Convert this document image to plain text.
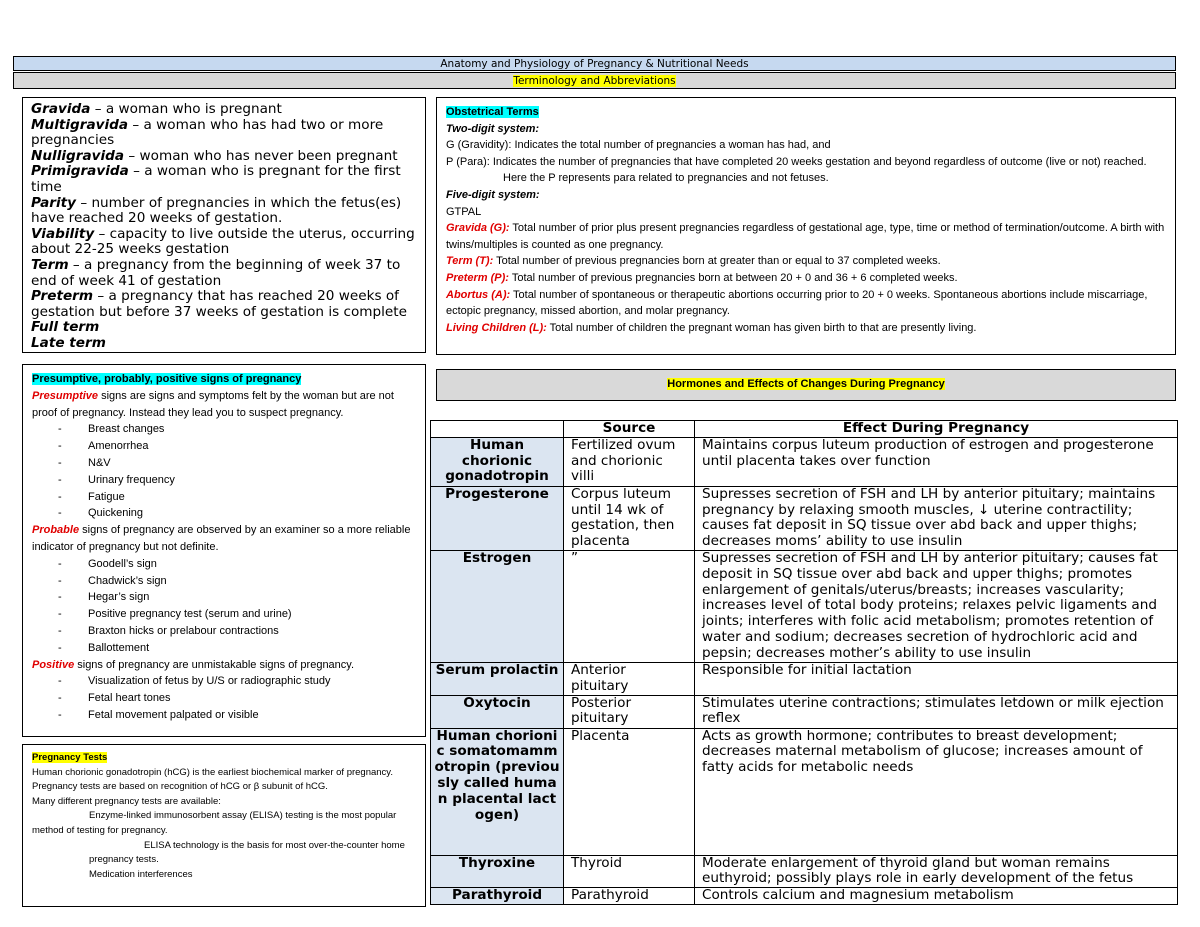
Anatomy and Physiology of Pregnancy & Nutritional Needs
Terminology and Abbreviations

Gravida – a woman who is pregnant

Multigravida – a woman who has had two or more pregnancies

Nulligravida – woman who has never been pregnant

Primigravida – a woman who is pregnant for the first time

Parity – number of pregnancies in which the fetus(es) have reached 20 weeks of gestation.

Viability – capacity to live outside the uterus, occurring about 22-25 weeks gestation

Term – a pregnancy from the beginning of week 37 to end of week 41 of gestation

Preterm – a pregnancy that has reached 20 weeks of gestation but before 37 weeks of gestation is complete

Full term

Late term

Obstetrical Terms

Two-digit system:

G (Gravidity): Indicates the total number of pregnancies a woman has had, and

P (Para): Indicates the number of pregnancies that have completed 20 weeks gestation and beyond regardless of outcome (live or not) reached.

Here the P represents para related to pregnancies and not fetuses.

Five-digit system:

GTPAL

Gravida (G): Total number of prior plus present pregnancies regardless of gestational age, type, time or method of termination/outcome. A birth with twins/multiples is counted as one pregnancy.

Term (T): Total number of previous pregnancies born at greater than or equal to 37 completed weeks.

Preterm (P): Total number of previous pregnancies born at between 20 + 0 and 36 + 6 completed weeks.

Abortus (A): Total number of spontaneous or therapeutic abortions occurring prior to 20 + 0 weeks. Spontaneous abortions include miscarriage, ectopic pregnancy, missed abortion, and molar pregnancy.

Living Children (L): Total number of children the pregnant woman has given birth to that are presently living.

Presumptive, probably, positive signs of pregnancy

Presumptive signs are signs and symptoms felt by the woman but are not proof of pregnancy. Instead they lead you to suspect pregnancy.

- Breast changes
- Amenorrhea
- N&V
- Urinary frequency
- Fatigue
- Quickening

Probable signs of pregnancy are observed by an examiner so a more reliable indicator of pregnancy but not definite.

- Goodell’s sign
- Chadwick’s sign
- Hegar’s sign
- Positive pregnancy test (serum and urine)
- Braxton hicks or prelabour contractions
- Ballottement

Positive signs of pregnancy are unmistakable signs of pregnancy.

- Visualization of fetus by U/S or radiographic study
- Fetal heart tones
- Fetal movement palpated or visible

Pregnancy Tests

Human chorionic gonadotropin (hCG) is the earliest biochemical marker of pregnancy.

Pregnancy tests are based on recognition of hCG or β subunit of hCG.

Many different pregnancy tests are available:

Enzyme-linked immunosorbent assay (ELISA) testing is the most popular method of testing for pregnancy.

ELISA technology is the basis for most over-the-counter home pregnancy tests.

Medication interferences

Hormones and Effects of Changes During Pregnancy
	Source	Effect During Pregnancy
Human chorionic gonadotropin	Fertilized ovum and chorionic villi	Maintains corpus luteum production of estrogen and progesterone until placenta takes over function
Progesterone	Corpus luteum until 14 wk of gestation, then placenta	Supresses secretion of FSH and LH by anterior pituitary; maintains pregnancy by relaxing smooth muscles, ↓ uterine contractility; causes fat deposit in SQ tissue over abd back and upper thighs; decreases moms’ ability to use insulin
Estrogen	”	Supresses secretion of FSH and LH by anterior pituitary; causes fat deposit in SQ tissue over abd back and upper thighs; promotes enlargement of genitals/uterus/breasts; increases vascularity; increases level of total body proteins; relaxes pelvic ligaments and joints; interferes with folic acid metabolism; promotes retention of water and sodium; decreases secretion of hydrochloric acid and pepsin; decreases mother’s ability to use insulin
Serum prolactin	Anterior pituitary	Responsible for initial lactation
Oxytocin	Posterior pituitary	Stimulates uterine contractions; stimulates letdown or milk ejection reflex
Human chorionic somatomammotropin (previously called human placental lactogen)	Placenta	Acts as growth hormone; contributes to breast development; decreases maternal metabolism of glucose; increases amount of fatty acids for metabolic needs
Thyroxine	Thyroid	Moderate enlargement of thyroid gland but woman remains euthyroid; possibly plays role in early development of the fetus
Parathyroid	Parathyroid	Controls calcium and magnesium metabolism
